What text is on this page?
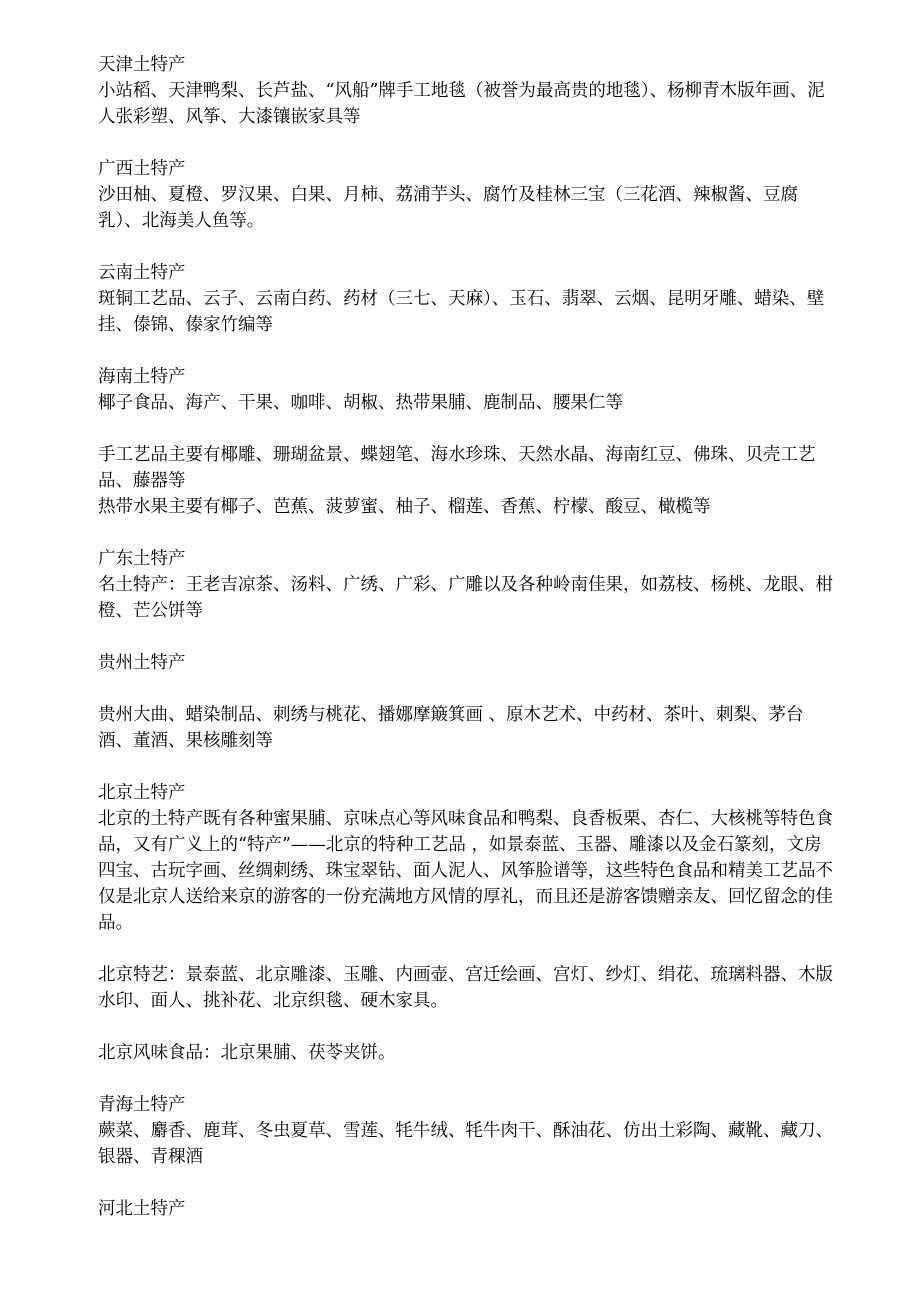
天津土特产

小站稻、天津鸭梨、长芦盐、“风船”牌手工地毯（被誉为最高贵的地毯）、杨柳青木版年画、泥人张彩塑、风筝、大漆镶嵌家具等

广西土特产

沙田柚、夏橙、罗汉果、白果、月柿、荔浦芋头、腐竹及桂林三宝（三花酒、辣椒酱、豆腐乳）、北海美人鱼等。

云南土特产

斑铜工艺品、云子、云南白药、药材（三七、天麻）、玉石、翡翠、云烟、昆明牙雕、蜡染、壁挂、傣锦、傣家竹编等

海南土特产

椰子食品、海产、干果、咖啡、胡椒、热带果脯、鹿制品、腰果仁等

手工艺品主要有椰雕、珊瑚盆景、蝶翅笔、海水珍珠、天然水晶、海南红豆、佛珠、贝壳工艺品、藤器等

热带水果主要有椰子、芭蕉、菠萝蜜、柚子、榴莲、香蕉、柠檬、酸豆、橄榄等

广东土特产

名土特产：王老吉凉茶、汤料、广绣、广彩、广雕以及各种岭南佳果，如荔枝、杨桃、龙眼、柑橙、芒公饼等

贵州土特产

贵州大曲、蜡染制品、刺绣与桃花、播娜摩簸箕画 、原木艺术、中药材、茶叶、刺梨、茅台酒、董酒、果核雕刻等

北京土特产

北京的土特产既有各种蜜果脯、京味点心等风味食品和鸭梨、良香板栗、杏仁、大核桃等特色食品，又有广义上的“特产”——北京的特种工艺品 ，如景泰蓝、玉器、雕漆以及金石篆刻，文房四宝、古玩字画、丝绸刺绣、珠宝翠钻、面人泥人、风筝脸谱等，这些特色食品和精美工艺品不仅是北京人送给来京的游客的一份充满地方风情的厚礼，而且还是游客馈赠亲友、回忆留念的佳品。

北京特艺：景泰蓝、北京雕漆、玉雕、内画壶、宫迁绘画、宫灯、纱灯、绢花、琉璃料器、木版水印、面人、挑补花、北京织毯、硬木家具。

北京风味食品：北京果脯、茯苓夹饼。

青海土特产

蕨菜、麝香、鹿茸、冬虫夏草、雪莲、牦牛绒、牦牛肉干、酥油花、仿出土彩陶、藏靴、藏刀、银器、青稞酒

河北土特产
